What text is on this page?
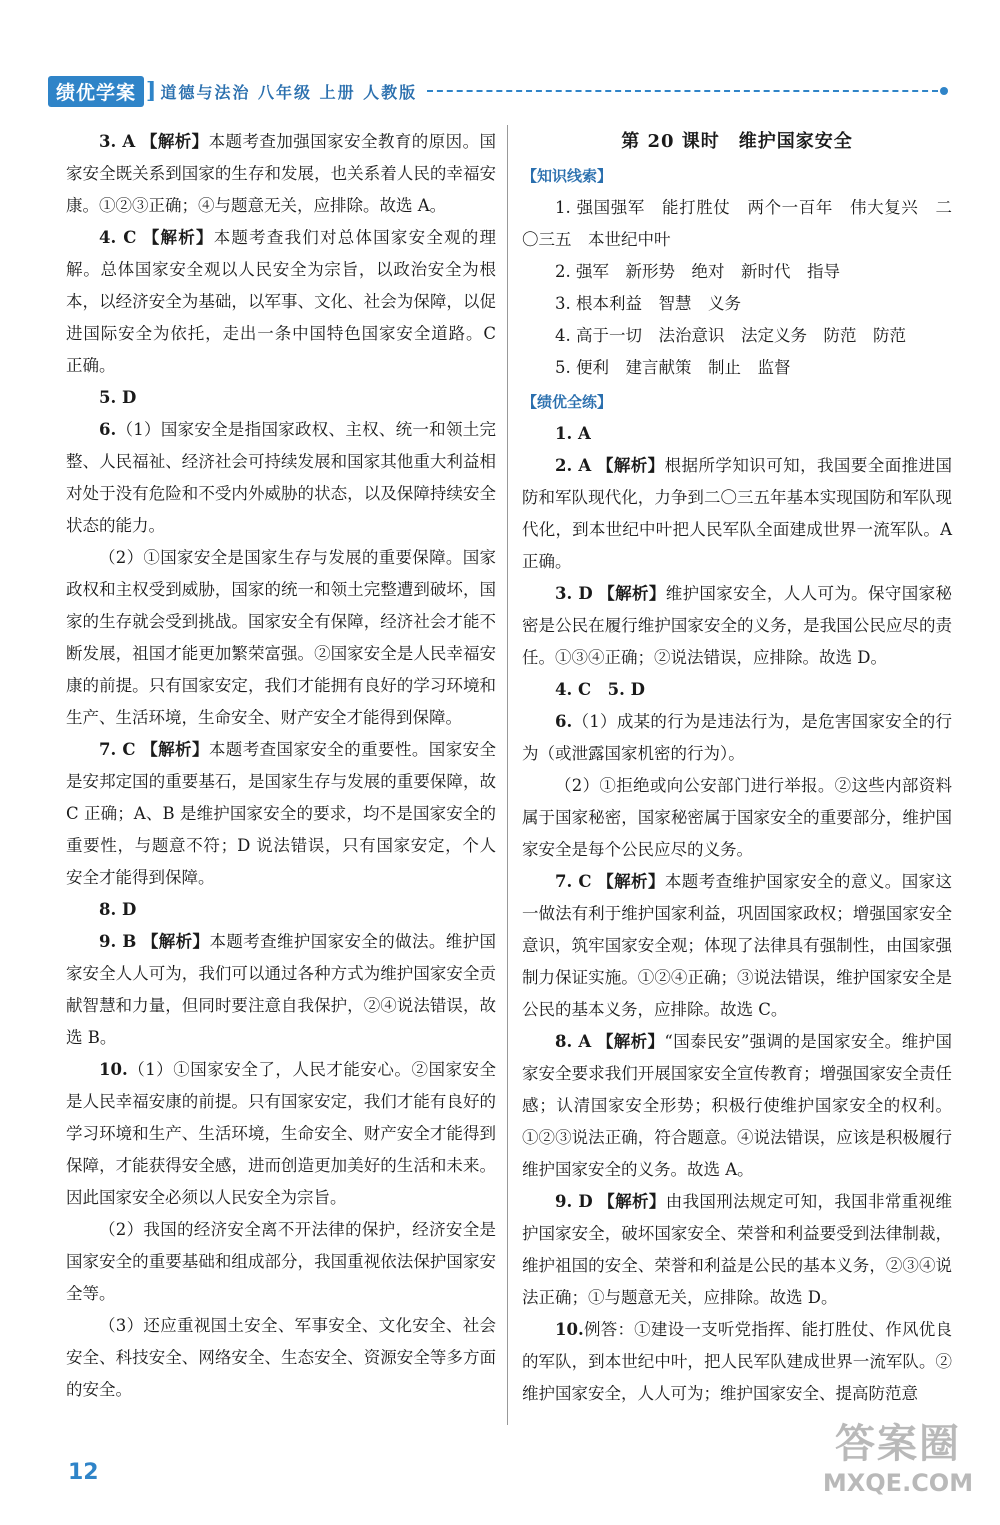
绩优学案 ] 道德与法治 八年级 上册 人教版

3. A 【解析】本题考查加强国家安全教育的原因。国家安全既关系到国家的生存和发展，也关系着人民的幸福安康。①②③正确；④与题意无关，应排除。故选 A。

4. C 【解析】本题考查我们对总体国家安全观的理解。总体国家安全观以人民安全为宗旨，以政治安全为根本，以经济安全为基础，以军事、文化、社会为保障，以促进国际安全为依托，走出一条中国特色国家安全道路。C 正确。

5. D

6.（1）国家安全是指国家政权、主权、统一和领土完整、人民福祉、经济社会可持续发展和国家其他重大利益相对处于没有危险和不受内外威胁的状态，以及保障持续安全状态的能力。

（2）①国家安全是国家生存与发展的重要保障。国家政权和主权受到威胁，国家的统一和领土完整遭到破坏，国家的生存就会受到挑战。国家安全有保障，经济社会才能不断发展，祖国才能更加繁荣富强。②国家安全是人民幸福安康的前提。只有国家安定，我们才能拥有良好的学习环境和生产、生活环境，生命安全、财产安全才能得到保障。

7. C 【解析】本题考查国家安全的重要性。国家安全是安邦定国的重要基石，是国家生存与发展的重要保障，故 C 正确；A、B 是维护国家安全的要求，均不是国家安全的重要性，与题意不符；D 说法错误，只有国家安定，个人安全才能得到保障。

8. D

9. B 【解析】本题考查维护国家安全的做法。维护国家安全人人可为，我们可以通过各种方式为维护国家安全贡献智慧和力量，但同时要注意自我保护，②④说法错误，故选 B。

10.（1）①国家安全了，人民才能安心。②国家安全是人民幸福安康的前提。只有国家安定，我们才能有良好的学习环境和生产、生活环境，生命安全、财产安全才能得到保障，才能获得安全感，进而创造更加美好的生活和未来。因此国家安全必须以人民安全为宗旨。

（2）我国的经济安全离不开法律的保护，经济安全是国家安全的重要基础和组成部分，我国重视依法保护国家安全等。

（3）还应重视国土安全、军事安全、文化安全、社会安全、科技安全、网络安全、生态安全、资源安全等多方面的安全。

第 20 课时　维护国家安全

【知识线索】

1. 强国强军　能打胜仗　两个一百年　伟大复兴　二〇三五　本世纪中叶

2. 强军　新形势　绝对　新时代　指导

3. 根本利益　智慧　义务

4. 高于一切　法治意识　法定义务　防范　防范

5. 便利　建言献策　制止　监督

【绩优全练】

1. A

2. A 【解析】根据所学知识可知，我国要全面推进国防和军队现代化，力争到二〇三五年基本实现国防和军队现代化，到本世纪中叶把人民军队全面建成世界一流军队。A 正确。

3. D 【解析】维护国家安全，人人可为。保守国家秘密是公民在履行维护国家安全的义务，是我国公民应尽的责任。①③④正确；②说法错误，应排除。故选 D。

4. C　5. D

6.（1）成某的行为是违法行为，是危害国家安全的行为（或泄露国家机密的行为）。

（2）①拒绝或向公安部门进行举报。②这些内部资料属于国家秘密，国家秘密属于国家安全的重要部分，维护国家安全是每个公民应尽的义务。

7. C 【解析】本题考查维护国家安全的意义。国家这一做法有利于维护国家利益，巩固国家政权；增强国家安全意识，筑牢国家安全观；体现了法律具有强制性，由国家强制力保证实施。①②④正确；③说法错误，维护国家安全是公民的基本义务，应排除。故选 C。

8. A 【解析】“国泰民安”强调的是国家安全。维护国家安全要求我们开展国家安全宣传教育；增强国家安全责任感；认清国家安全形势；积极行使维护国家安全的权利。①②③说法正确，符合题意。④说法错误，应该是积极履行维护国家安全的义务。故选 A。

9. D 【解析】由我国刑法规定可知，我国非常重视维护国家安全，破坏国家安全、荣誉和利益要受到法律制裁，维护祖国的安全、荣誉和利益是公民的基本义务，②③④说法正确；①与题意无关，应排除。故选 D。

10.例答：①建设一支听党指挥、能打胜仗、作风优良的军队，到本世纪中叶，把人民军队建成世界一流军队。②维护国家安全，人人可为；维护国家安全、提高防范意

12
答案圈
MXQE.COM
